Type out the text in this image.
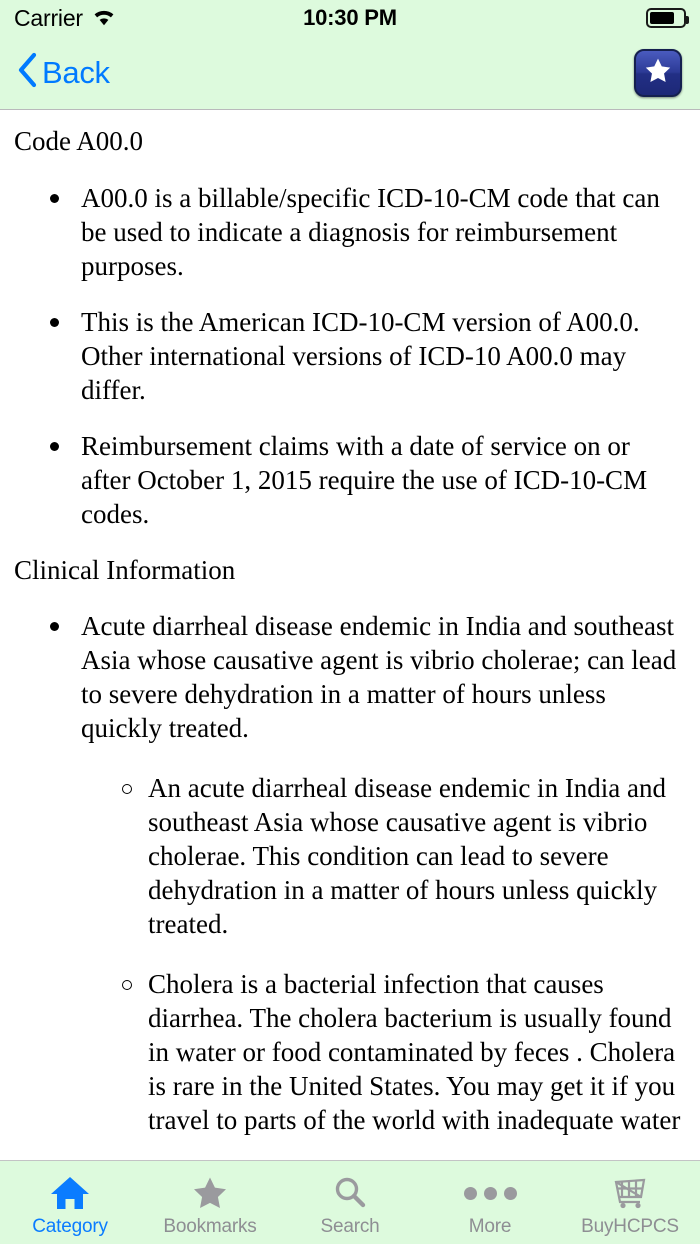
Carrier	10:30 PM
Back
Code A00.0
A00.0 is a billable/specific ICD-10-CM code that can be used to indicate a diagnosis for reimbursement purposes.
This is the American ICD-10-CM version of A00.0. Other international versions of ICD-10 A00.0 may differ.
Reimbursement claims with a date of service on or after October 1, 2015 require the use of ICD-10-CM codes.
Clinical Information
Acute diarrheal disease endemic in India and southeast Asia whose causative agent is vibrio cholerae; can lead to severe dehydration in a matter of hours unless quickly treated.
An acute diarrheal disease endemic in India and southeast Asia whose causative agent is vibrio cholerae. This condition can lead to severe dehydration in a matter of hours unless quickly treated.
Cholera is a bacterial infection that causes diarrhea. The cholera bacterium is usually found in water or food contaminated by feces . Cholera is rare in the United States. You may get it if you travel to parts of the world with inadequate water
Category	Bookmarks	Search	More	BuyHCPCS
